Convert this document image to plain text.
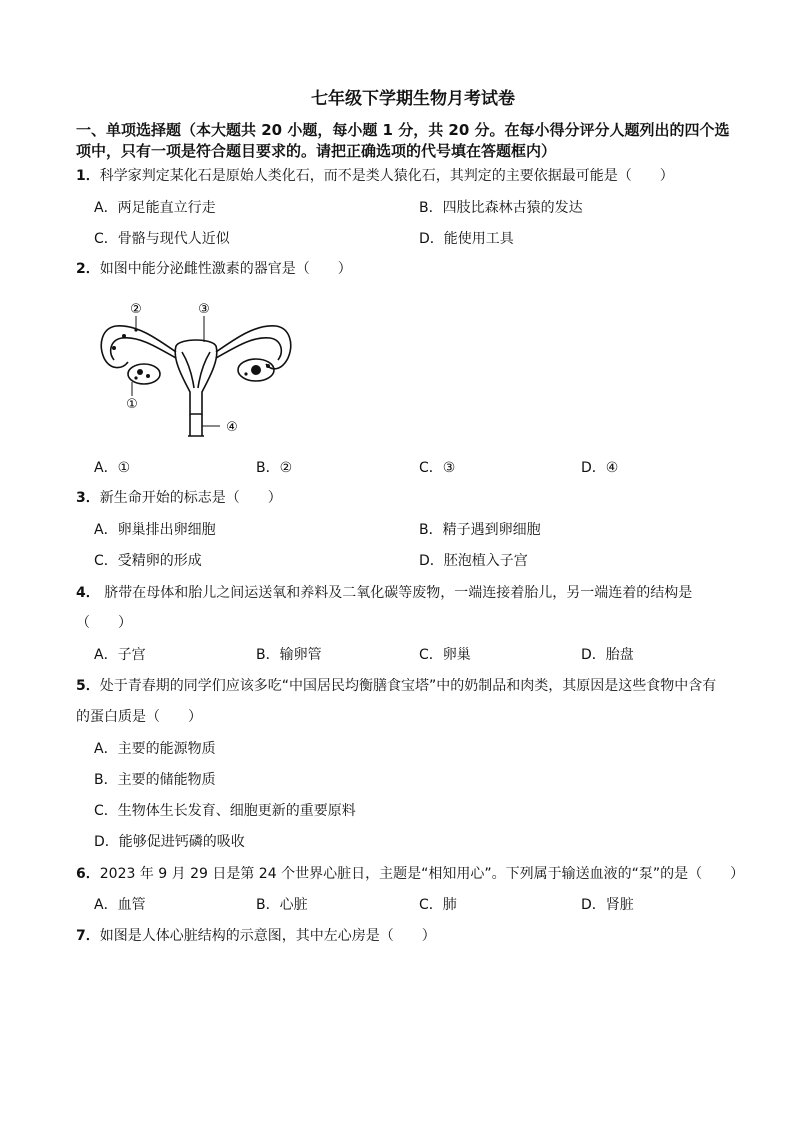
七年级下学期生物月考试卷
一、单项选择题（本大题共 20 小题，每小题 1 分，共 20 分。在每小得分评分人题列出的四个选
项中，只有一项是符合题目要求的。请把正确选项的代号填在答题框内）
1．科学家判定某化石是原始人类化石，而不是类人猿化石，其判定的主要依据最可能是（　　）
A．两足能直立行走	B．四肢比森林古猿的发达
C．骨骼与现代人近似	D．能使用工具
2．如图中能分泌雌性激素的器官是（　　）
①
②	③
④
A．①	B．②	C．③	D．④
3．新生命开始的标志是（　　）
A．卵巢排出卵细胞	B．精子遇到卵细胞
C．受精卵的形成	D．胚泡植入子宫
4． 脐带在母体和胎儿之间运送氧和养料及二氧化碳等废物，一端连接着胎儿，另一端连着的结构是
（　　）
A．子宫	B．输卵管	C．卵巢	D．胎盘
5．处于青春期的同学们应该多吃“中国居民均衡膳食宝塔”中的奶制品和肉类，其原因是这些食物中含有
的蛋白质是（　　）
A．主要的能源物质
B．主要的储能物质
C．生物体生长发育、细胞更新的重要原料
D．能够促进钙磷的吸收
6．2023 年 9 月 29 日是第 24 个世界心脏日，主题是“相知用心”。下列属于输送血液的“泵”的是（　　）
A．血管	B．心脏	C．肺	D．肾脏
7．如图是人体心脏结构的示意图，其中左心房是（　　）
